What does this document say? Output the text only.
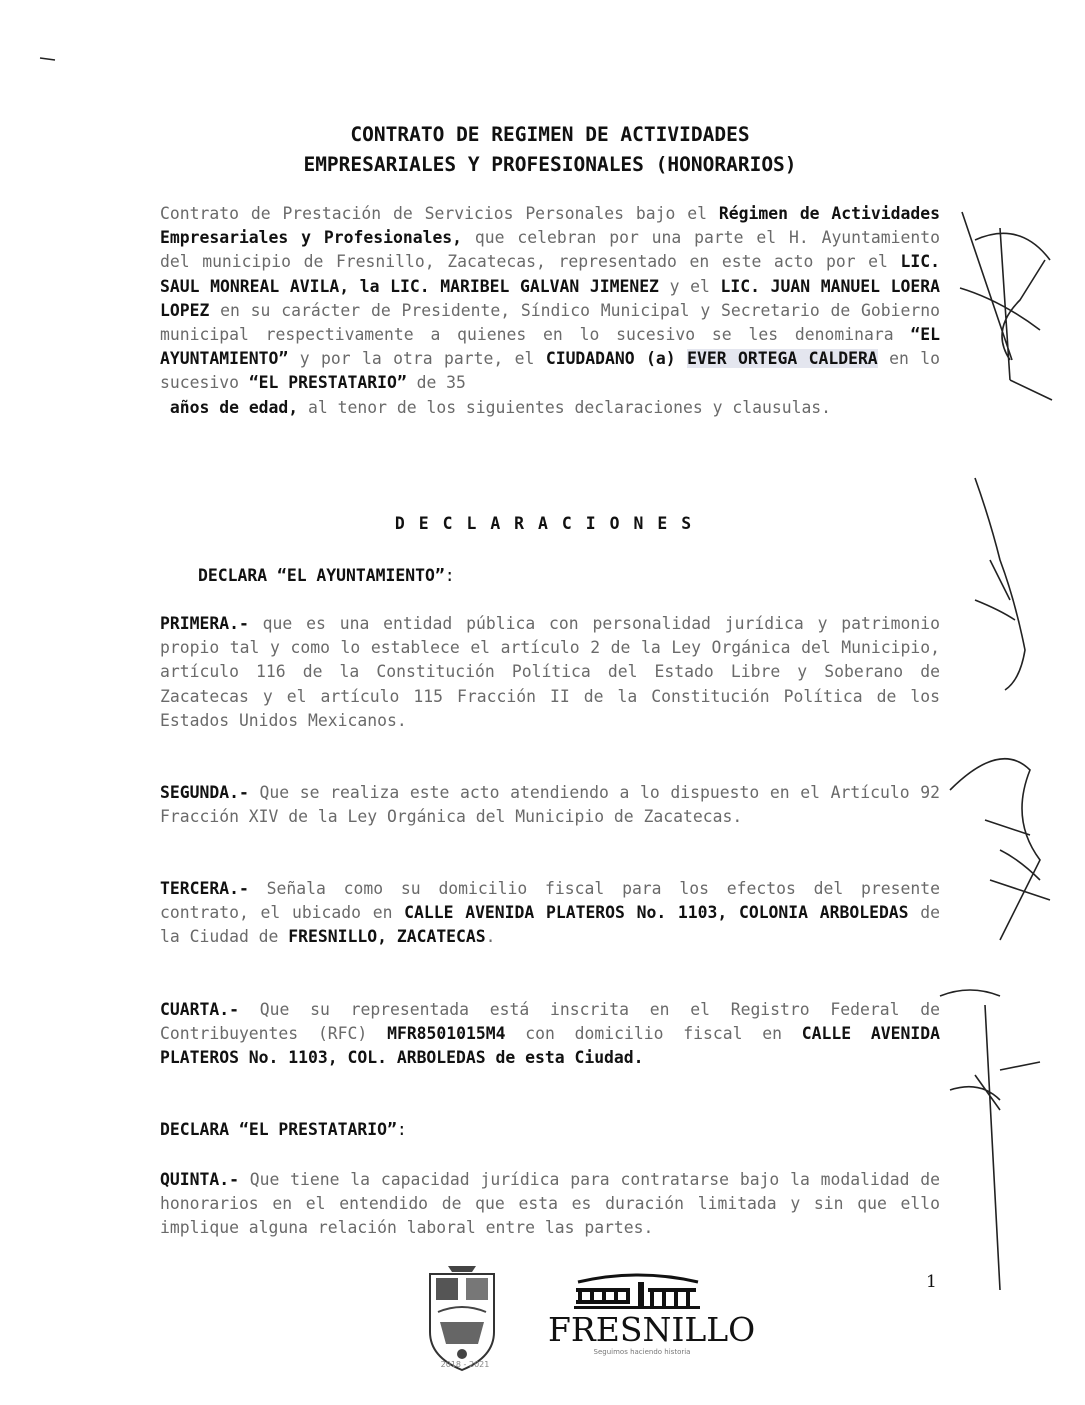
CONTRATO DE REGIMEN DE ACTIVIDADES
EMPRESARIALES Y PROFESIONALES (HONORARIOS)
Contrato de Prestación de Servicios Personales bajo el Régimen de Actividades Empresariales y Profesionales, que celebran por una parte el H. Ayuntamiento del municipio de Fresnillo, Zacatecas, representado en este acto por el LIC. SAUL MONREAL AVILA, la LIC. MARIBEL GALVAN JIMENEZ y el LIC. JUAN MANUEL LOERA LOPEZ en su carácter de Presidente, Síndico Municipal y Secretario de Gobierno municipal respectivamente a quienes en lo sucesivo se les denominara “EL AYUNTAMIENTO” y por la otra parte, el CIUDADANO (a) EVER ORTEGA CALDERA en lo sucesivo “EL PRESTATARIO” de 35
años de edad, al tenor de los siguientes declaraciones y clausulas.
DECLARACIONES
DECLARA “EL AYUNTAMIENTO”:
PRIMERA.- que es una entidad pública con personalidad jurídica y patrimonio propio tal y como lo establece el artículo 2 de la Ley Orgánica del Municipio, artículo 116 de la Constitución Política del Estado Libre y Soberano de Zacatecas y el artículo 115 Fracción II de la Constitución Política de los Estados Unidos Mexicanos.
SEGUNDA.- Que se realiza este acto atendiendo a lo dispuesto en el Artículo 92 Fracción XIV de la Ley Orgánica del Municipio de Zacatecas.
TERCERA.- Señala como su domicilio fiscal para los efectos del presente contrato, el ubicado en CALLE AVENIDA PLATEROS No. 1103, COLONIA ARBOLEDAS de la Ciudad de FRESNILLO, ZACATECAS.
CUARTA.- Que su representada está inscrita en el Registro Federal de Contribuyentes (RFC) MFR8501015M4 con domicilio fiscal en CALLE AVENIDA PLATEROS No. 1103, COL. ARBOLEDAS de esta Ciudad.
DECLARA “EL PRESTATARIO”:
QUINTA.- Que tiene la capacidad jurídica para contratarse bajo la modalidad de honorarios en el entendido de que esta es duración limitada y sin que ello implique alguna relación laboral entre las partes.
1
2018 - 2021
FRESNILLO
Seguimos haciendo historia
